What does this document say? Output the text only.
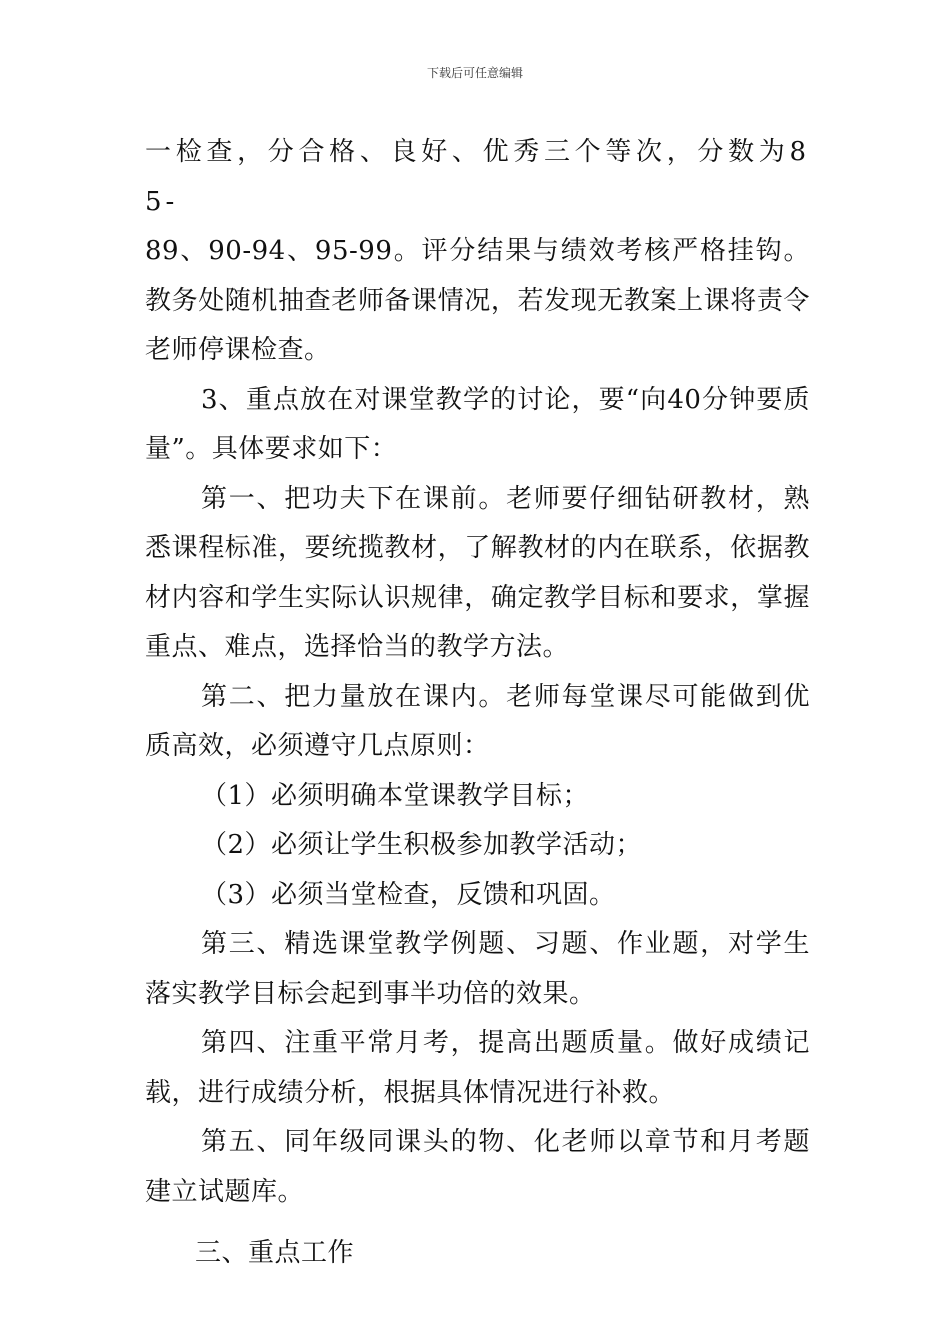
下载后可任意编辑

一检查，分合格、良好、优秀三个等次，分数为85-

89、90-94、95-99。评分结果与绩效考核严格挂钩。教务处随机抽查老师备课情况，若发现无教案上课将责令老师停课检查。

3、重点放在对课堂教学的讨论，要“向40分钟要质量”。具体要求如下：

第一、把功夫下在课前。老师要仔细钻研教材，熟悉课程标准，要统揽教材，了解教材的内在联系，依据教材内容和学生实际认识规律，确定教学目标和要求，掌握重点、难点，选择恰当的教学方法。

第二、把力量放在课内。老师每堂课尽可能做到优质高效，必须遵守几点原则：

（1）必须明确本堂课教学目标；

（2）必须让学生积极参加教学活动；

（3）必须当堂检查，反馈和巩固。

第三、精选课堂教学例题、习题、作业题，对学生落实教学目标会起到事半功倍的效果。

第四、注重平常月考，提高出题质量。做好成绩记载，进行成绩分析，根据具体情况进行补救。

第五、同年级同课头的物、化老师以章节和月考题建立试题库。

三、重点工作
